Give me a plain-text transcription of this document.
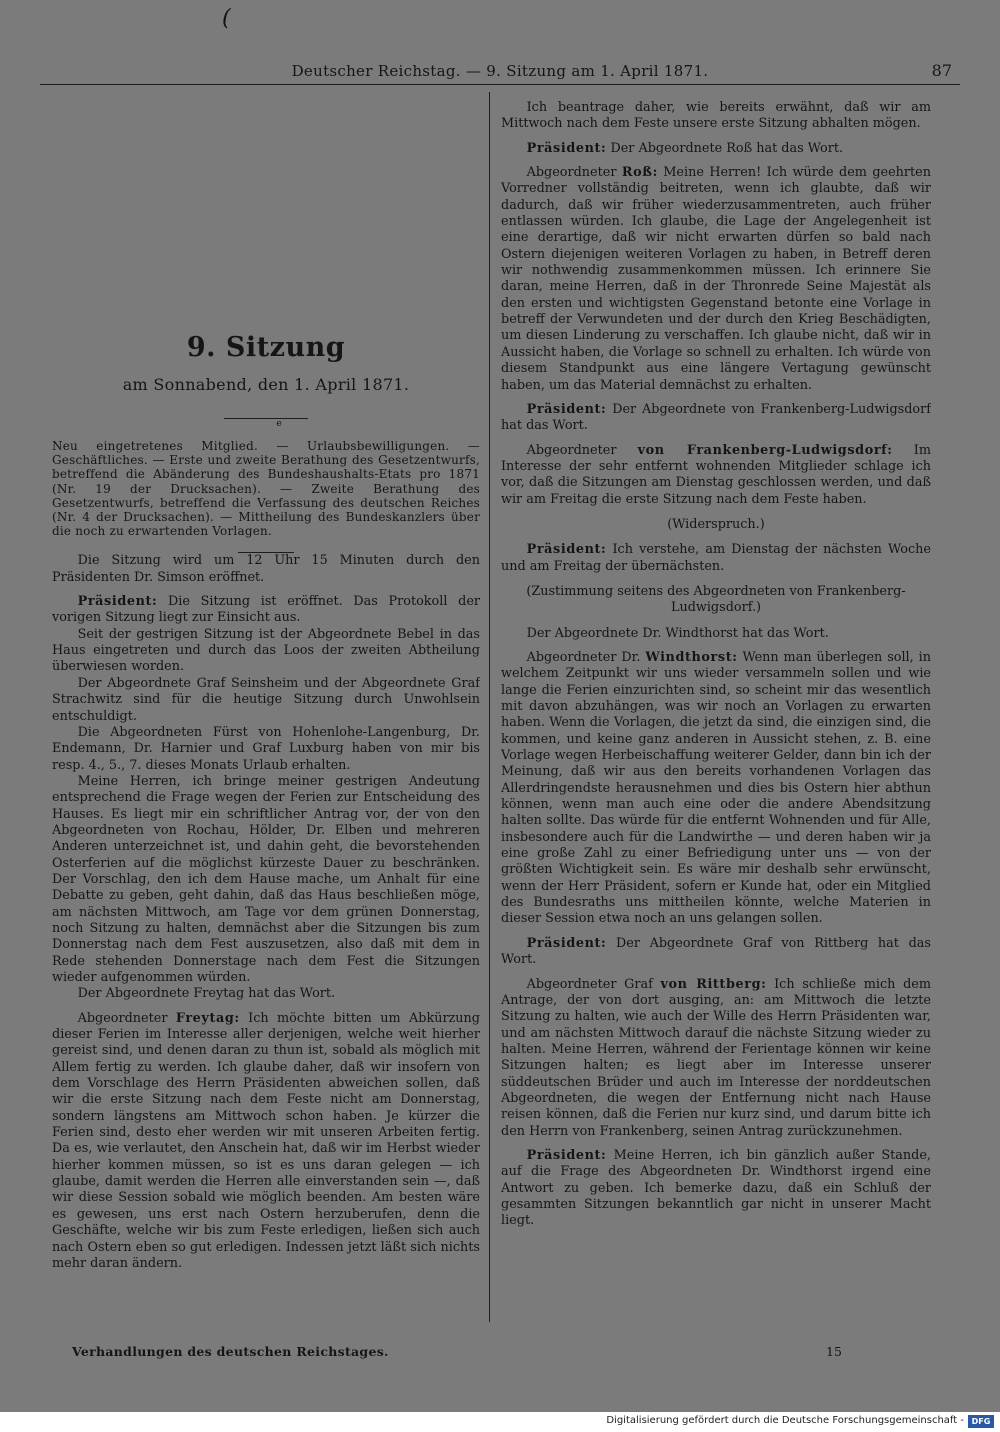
(
Deutscher Reichstag. — 9. Sitzung am 1. April 1871.	87
9. Sitzung
am Sonnabend, den 1. April 1871.
e
Neu eingetretenes Mitglied. — Urlaubsbewilligungen. — Geschäftliches. — Erste und zweite Berathung des Gesetzentwurfs, betreffend die Abänderung des Bundeshaushalts-Etats pro 1871 (Nr. 19 der Drucksachen). — Zweite Berathung des Gesetzentwurfs, betreffend die Verfassung des deutschen Reiches (Nr. 4 der Drucksachen). — Mittheilung des Bundeskanzlers über die noch zu erwartenden Vorlagen.

Die Sitzung wird um 12 Uhr 15 Minuten durch den Präsidenten Dr. Simson eröffnet.

Präsident: Die Sitzung ist eröffnet. Das Protokoll der vorigen Sitzung liegt zur Einsicht aus.

Seit der gestrigen Sitzung ist der Abgeordnete Bebel in das Haus eingetreten und durch das Loos der zweiten Abtheilung überwiesen worden.

Der Abgeordnete Graf Seinsheim und der Abgeordnete Graf Strachwitz sind für die heutige Sitzung durch Unwohlsein entschuldigt.

Die Abgeordneten Fürst von Hohenlohe-Langenburg, Dr. Endemann, Dr. Harnier und Graf Luxburg haben von mir bis resp. 4., 5., 7. dieses Monats Urlaub erhalten.

Meine Herren, ich bringe meiner gestrigen Andeutung entsprechend die Frage wegen der Ferien zur Entscheidung des Hauses. Es liegt mir ein schriftlicher Antrag vor, der von den Abgeordneten von Rochau, Hölder, Dr. Elben und mehreren Anderen unterzeichnet ist, und dahin geht, die bevorstehenden Osterferien auf die möglichst kürzeste Dauer zu beschränken. Der Vorschlag, den ich dem Hause mache, um Anhalt für eine Debatte zu geben, geht dahin, daß das Haus beschließen möge, am nächsten Mittwoch, am Tage vor dem grünen Donnerstag, noch Sitzung zu halten, demnächst aber die Sitzungen bis zum Donnerstag nach dem Fest auszusetzen, also daß mit dem in Rede stehenden Donnerstage nach dem Fest die Sitzungen wieder aufgenommen würden.

Der Abgeordnete Freytag hat das Wort.

Abgeordneter Freytag: Ich möchte bitten um Abkürzung dieser Ferien im Interesse aller derjenigen, welche weit hierher gereist sind, und denen daran zu thun ist, sobald als möglich mit Allem fertig zu werden. Ich glaube daher, daß wir insofern von dem Vorschlage des Herrn Präsidenten abweichen sollen, daß wir die erste Sitzung nach dem Feste nicht am Donnerstag, sondern längstens am Mittwoch schon haben. Je kürzer die Ferien sind, desto eher werden wir mit unseren Arbeiten fertig. Da es, wie verlautet, den Anschein hat, daß wir im Herbst wieder hierher kommen müssen, so ist es uns daran gelegen — ich glaube, damit werden die Herren alle einverstanden sein —, daß wir diese Session sobald wie möglich beenden. Am besten wäre es gewesen, uns erst nach Ostern herzuberufen, denn die Geschäfte, welche wir bis zum Feste erledigen, ließen sich auch nach Ostern eben so gut erledigen. Indessen jetzt läßt sich nichts mehr daran ändern.

Ich beantrage daher, wie bereits erwähnt, daß wir am Mittwoch nach dem Feste unsere erste Sitzung abhalten mögen.

Präsident: Der Abgeordnete Roß hat das Wort.

Abgeordneter Roß: Meine Herren! Ich würde dem geehrten Vorredner vollständig beitreten, wenn ich glaubte, daß wir dadurch, daß wir früher wiederzusammentreten, auch früher entlassen würden. Ich glaube, die Lage der Angelegenheit ist eine derartige, daß wir nicht erwarten dürfen so bald nach Ostern diejenigen weiteren Vorlagen zu haben, in Betreff deren wir nothwendig zusammenkommen müssen. Ich erinnere Sie daran, meine Herren, daß in der Thronrede Seine Majestät als den ersten und wichtigsten Gegenstand betonte eine Vorlage in betreff der Verwundeten und der durch den Krieg Beschädigten, um diesen Linderung zu verschaffen. Ich glaube nicht, daß wir in Aussicht haben, die Vorlage so schnell zu erhalten. Ich würde von diesem Standpunkt aus eine längere Vertagung gewünscht haben, um das Material demnächst zu erhalten.

Präsident: Der Abgeordnete von Frankenberg-Ludwigsdorf hat das Wort.

Abgeordneter von Frankenberg-Ludwigsdorf: Im Interesse der sehr entfernt wohnenden Mitglieder schlage ich vor, daß die Sitzungen am Dienstag geschlossen werden, und daß wir am Freitag die erste Sitzung nach dem Feste haben.

(Widerspruch.)

Präsident: Ich verstehe, am Dienstag der nächsten Woche und am Freitag der übernächsten.

(Zustimmung seitens des Abgeordneten von Frankenberg-Ludwigsdorf.)

Der Abgeordnete Dr. Windthorst hat das Wort.

Abgeordneter Dr. Windthorst: Wenn man überlegen soll, in welchem Zeitpunkt wir uns wieder versammeln sollen und wie lange die Ferien einzurichten sind, so scheint mir das wesentlich mit davon abzuhängen, was wir noch an Vorlagen zu erwarten haben. Wenn die Vorlagen, die jetzt da sind, die einzigen sind, die kommen, und keine ganz anderen in Aussicht stehen, z. B. eine Vorlage wegen Herbeischaffung weiterer Gelder, dann bin ich der Meinung, daß wir aus den bereits vorhandenen Vorlagen das Allerdringendste herausnehmen und dies bis Ostern hier abthun können, wenn man auch eine oder die andere Abendsitzung halten sollte. Das würde für die entfernt Wohnenden und für Alle, insbesondere auch für die Landwirthe — und deren haben wir ja eine große Zahl zu einer Befriedigung unter uns — von der größten Wichtigkeit sein. Es wäre mir deshalb sehr erwünscht, wenn der Herr Präsident, sofern er Kunde hat, oder ein Mitglied des Bundesraths uns mittheilen könnte, welche Materien in dieser Session etwa noch an uns gelangen sollen.

Präsident: Der Abgeordnete Graf von Rittberg hat das Wort.

Abgeordneter Graf von Rittberg: Ich schließe mich dem Antrage, der von dort ausging, an: am Mittwoch die letzte Sitzung zu halten, wie auch der Wille des Herrn Präsidenten war, und am nächsten Mittwoch darauf die nächste Sitzung wieder zu halten. Meine Herren, während der Ferientage können wir keine Sitzungen halten; es liegt aber im Interesse unserer süddeutschen Brüder und auch im Interesse der norddeutschen Abgeordneten, die wegen der Entfernung nicht nach Hause reisen können, daß die Ferien nur kurz sind, und darum bitte ich den Herrn von Frankenberg, seinen Antrag zurückzunehmen.

Präsident: Meine Herren, ich bin gänzlich außer Stande, auf die Frage des Abgeordneten Dr. Windthorst irgend eine Antwort zu geben. Ich bemerke dazu, daß ein Schluß der gesammten Sitzungen bekanntlich gar nicht in unserer Macht liegt.

Verhandlungen des deutschen Reichstages.	15
Digitalisierung gefördert durch die Deutsche Forschungsgemeinschaft - DFG
